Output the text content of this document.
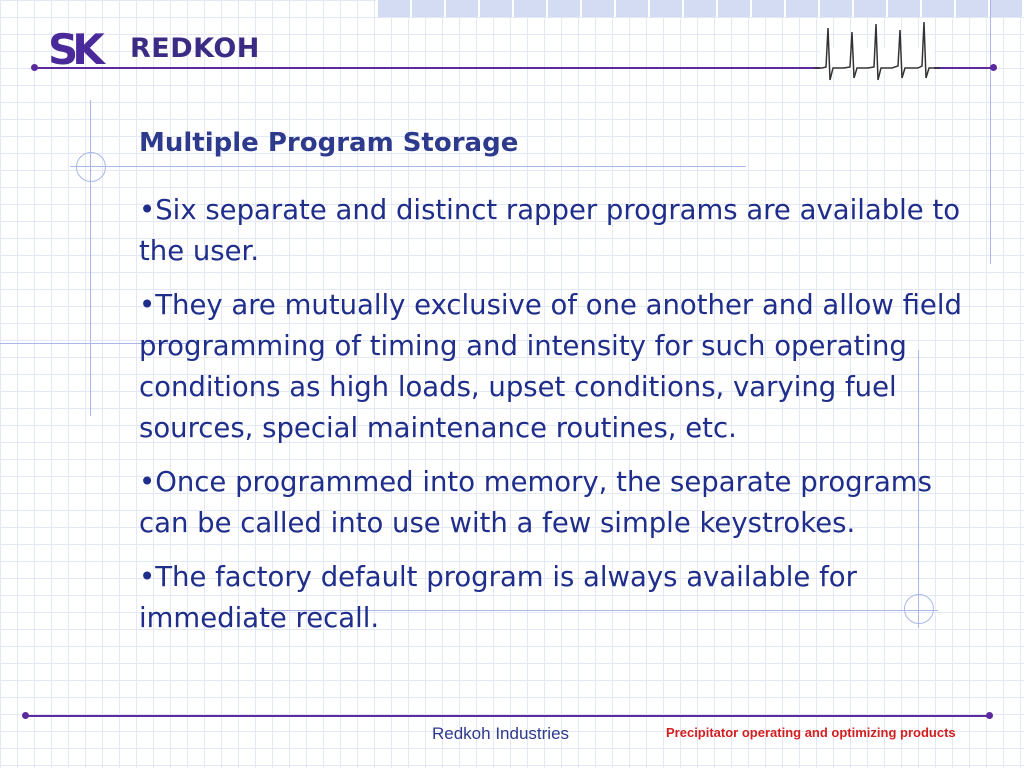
SK REDKOH
Multiple Program Storage

•Six separate and distinct rapper programs are available to the user.

•They are mutually exclusive of one another and allow field programming of timing and intensity for such operating conditions as high loads, upset conditions, varying fuel sources, special maintenance routines, etc.

•Once programmed into memory, the separate programs can be called into use with a few simple keystrokes.

•The factory default program is always available for immediate recall.

Redkoh Industries	Precipitator operating and optimizing products
